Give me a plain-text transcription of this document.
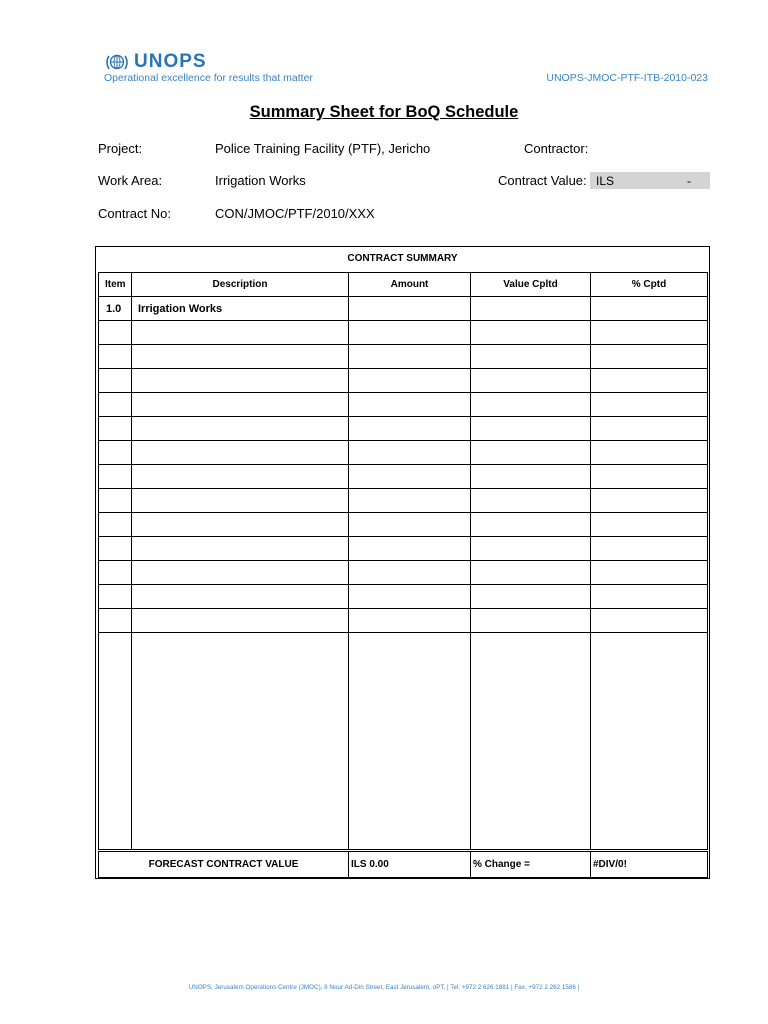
UNOPS
Operational excellence for results that matter	UNOPS-JMOC-PTF-ITB-2010-023
Summary Sheet for BoQ Schedule
Project:	Police Training Facility (PTF), Jericho	Contractor:
Work Area:	Irrigation Works	Contract Value: ILS	-
Contract No:	CON/JMOC/PTF/2010/XXX
CONTRACT SUMMARY
Item	Description	Amount	Value Cpltd	% Cptd
1.0	Irrigation Works			

FORECAST CONTRACT VALUE	ILS 0.00	% Change =	#DIV/0!
UNOPS, Jerusalem Operations Centre (JMOC), 8 Nour Ad-Din Street, East Jerusalem, oPT, | Tel: +972 2 626 1881 | Fax: +972 2 262 1586 |
